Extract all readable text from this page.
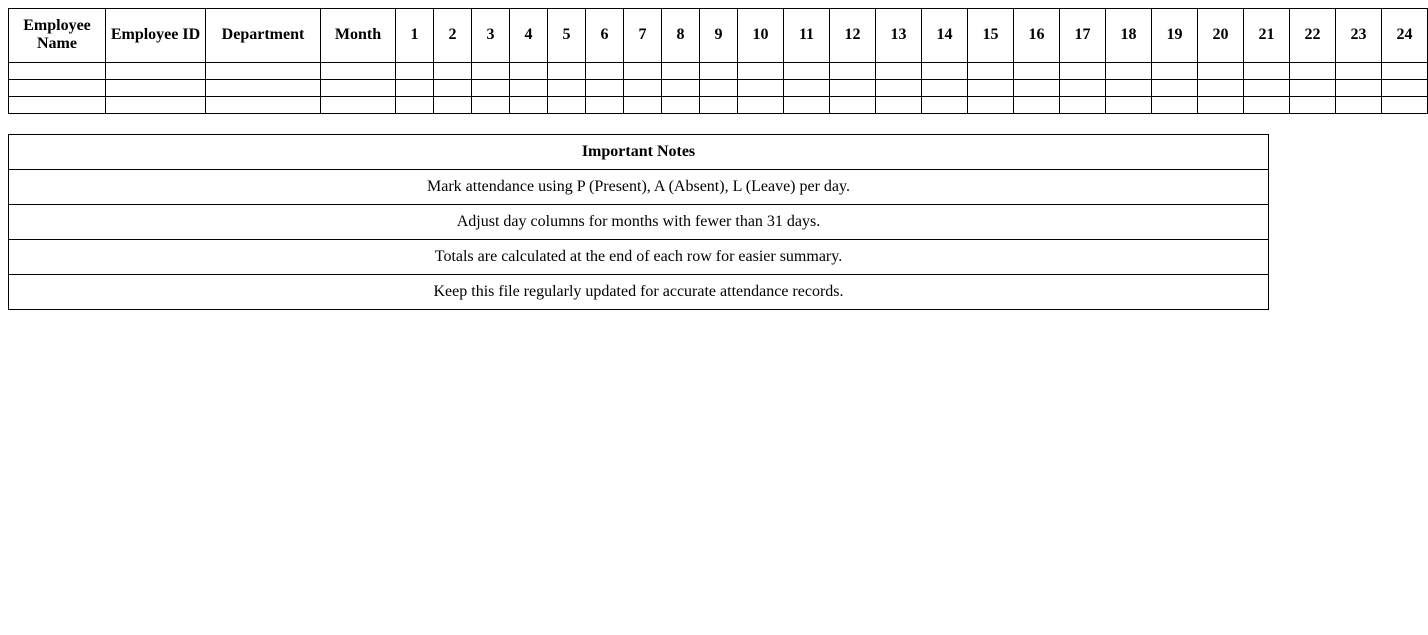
Employee Name	Employee ID	Department	Month	1	2	3	4	5	6	7	8	9	10	11	12	13	14	15	16	17	18	19	20	21	22	23	24

Important Notes
Mark attendance using P (Present), A (Absent), L (Leave) per day.
Adjust day columns for months with fewer than 31 days.
Totals are calculated at the end of each row for easier summary.
Keep this file regularly updated for accurate attendance records.
